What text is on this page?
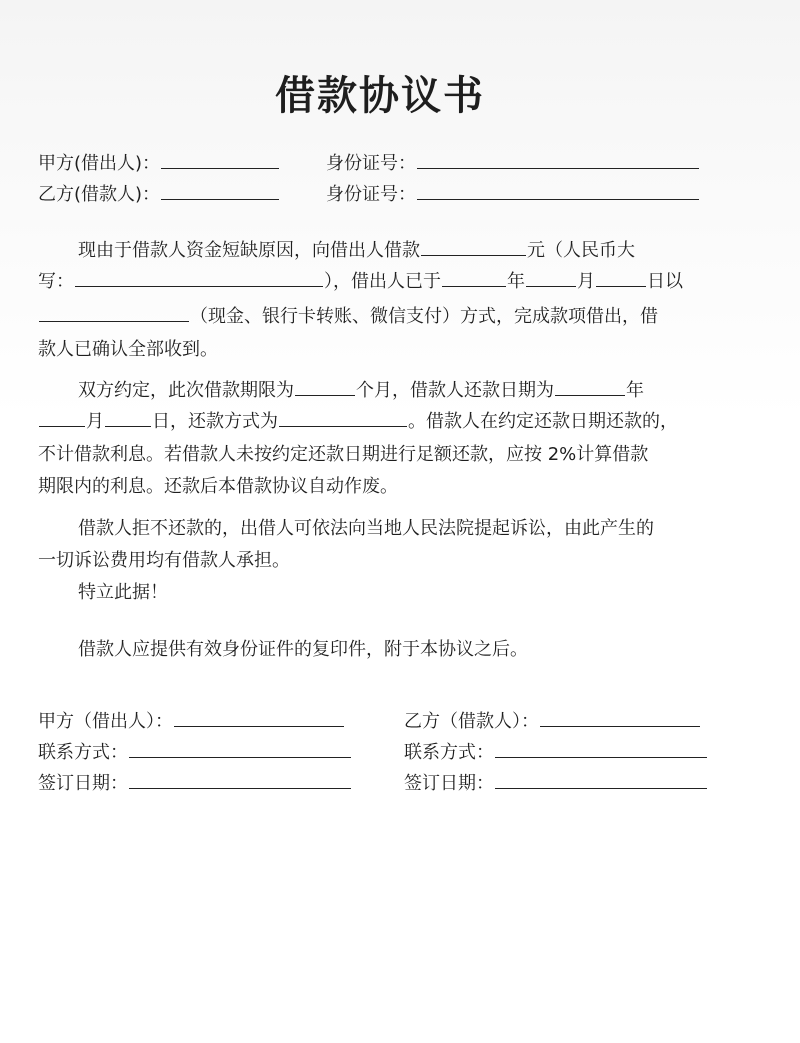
借款协议书
甲方(借出人)：	身份证号：
乙方(借款人)：	身份证号：
现由于借款人资金短缺原因，向借出人借款	元（人民币大
写：	），借出人已于	年	月	日以
（现金、银行卡转账、微信支付）方式，完成款项借出，借
款人已确认全部收到。
双方约定，此次借款期限为	个月，借款人还款日期为	年
月	日，还款方式为	。借款人在约定还款日期还款的，
不计借款利息。若借款人未按约定还款日期进行足额还款，应按 2%计算借款
期限内的利息。还款后本借款协议自动作废。
借款人拒不还款的，出借人可依法向当地人民法院提起诉讼，由此产生的
一切诉讼费用均有借款人承担。
特立此据！
借款人应提供有效身份证件的复印件，附于本协议之后。
甲方（借出人）：	乙方（借款人）：
联系方式：	联系方式：
签订日期：	签订日期：
